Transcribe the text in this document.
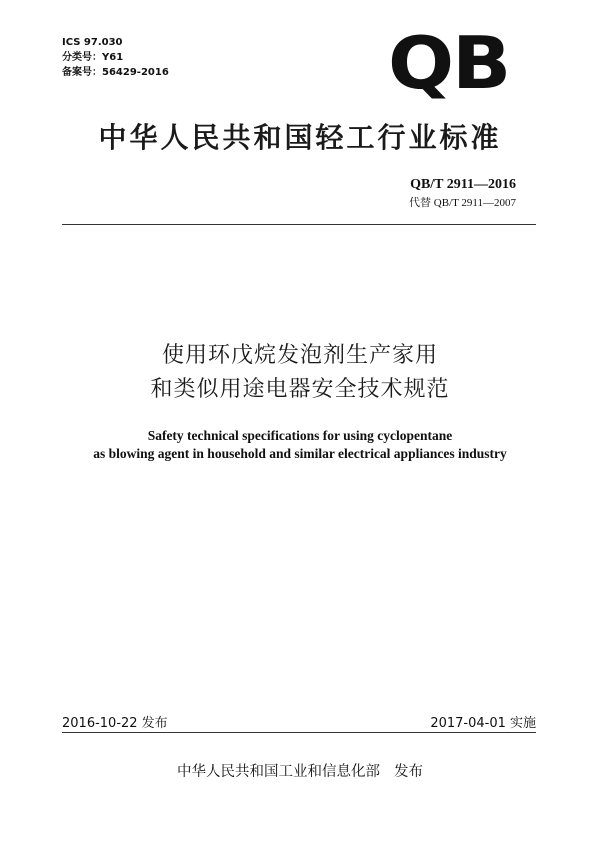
ICS 97.030
分类号：Y61
备案号：56429-2016	QB
中华人民共和国轻工行业标准
QB/T 2911—2016
代替 QB/T 2911—2007
使用环戊烷发泡剂生产家用
和类似用途电器安全技术规范
Safety technical specifications for using cyclopentane
as blowing agent in household and similar electrical appliances industry
2016-10-22 发布	2017-04-01 实施
中华人民共和国工业和信息化部 发布
